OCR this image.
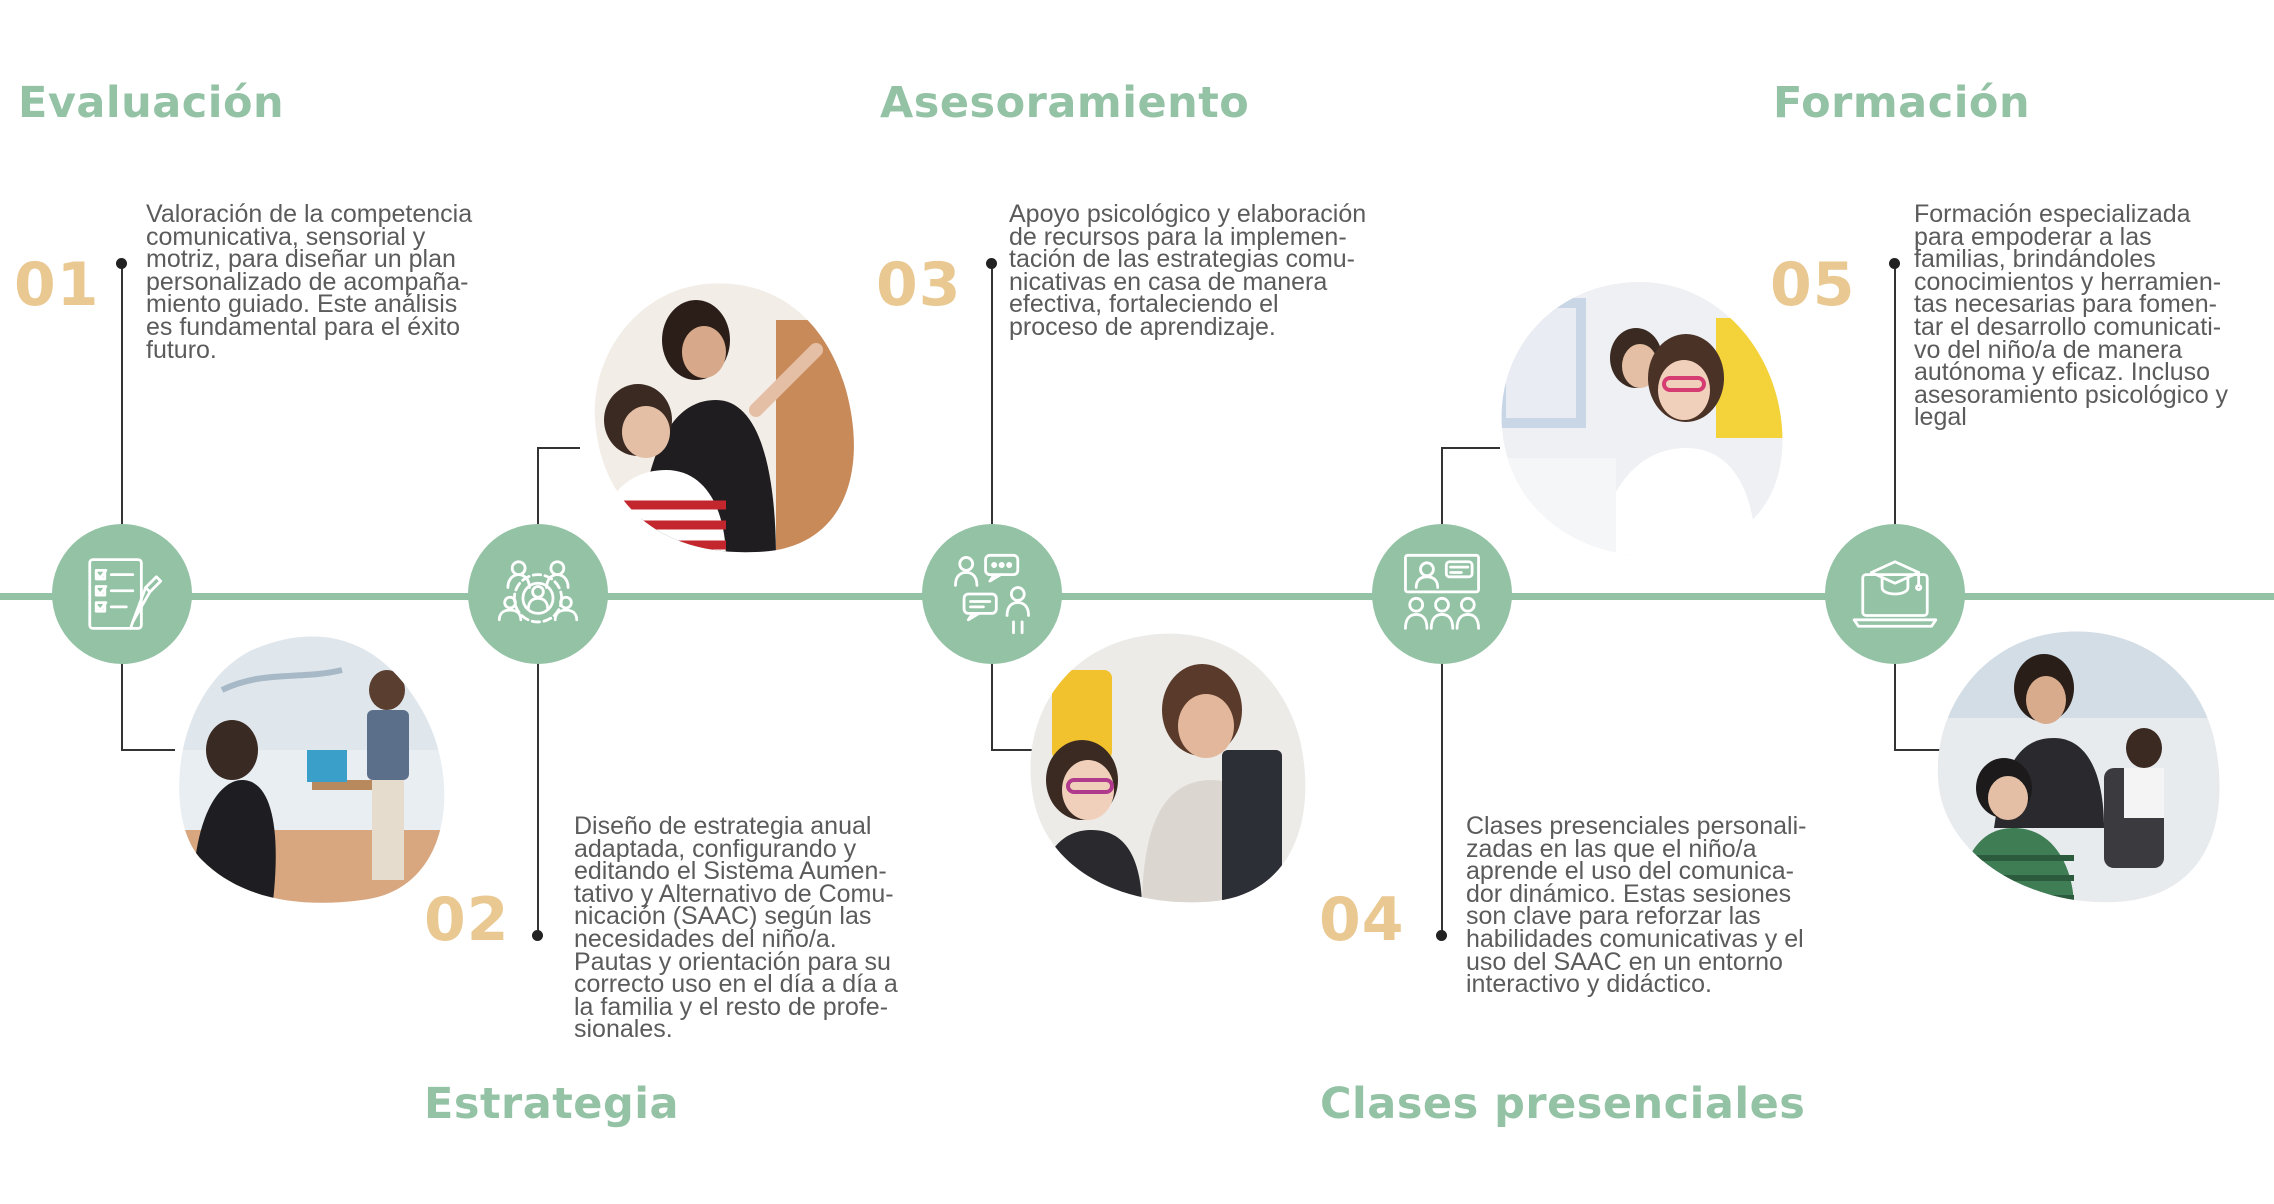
Evaluación	Asesoramiento	Formación
Estrategia	Clases presenciales
01	03	05
02	04
Valoración de la competencia
comunicativa, sensorial y
motriz, para diseñar un plan
personalizado de acompaña-
miento guiado. Este análisis
es fundamental para el éxito
futuro.
Apoyo psicológico y elaboración
de recursos para la implemen-
tación de las estrategias comu-
nicativas en casa de manera
efectiva, fortaleciendo el
proceso de aprendizaje.
Formación especializada
para empoderar a las
familias, brindándoles
conocimientos y herramien-
tas necesarias para fomen-
tar el desarrollo comunicati-
vo del niño/a de manera
autónoma y eficaz. Incluso
asesoramiento psicológico y
legal
Diseño de estrategia anual
adaptada, configurando y
editando el Sistema Aumen-
tativo y Alternativo de Comu-
nicación (SAAC) según las
necesidades del niño/a.
Pautas y orientación para su
correcto uso en el día a día a
la familia y el resto de profe-
sionales.
Clases presenciales personali-
zadas en las que el niño/a
aprende el uso del comunica-
dor dinámico. Estas sesiones
son clave para reforzar las
habilidades comunicativas y el
uso del SAAC en un entorno
interactivo y didáctico.
